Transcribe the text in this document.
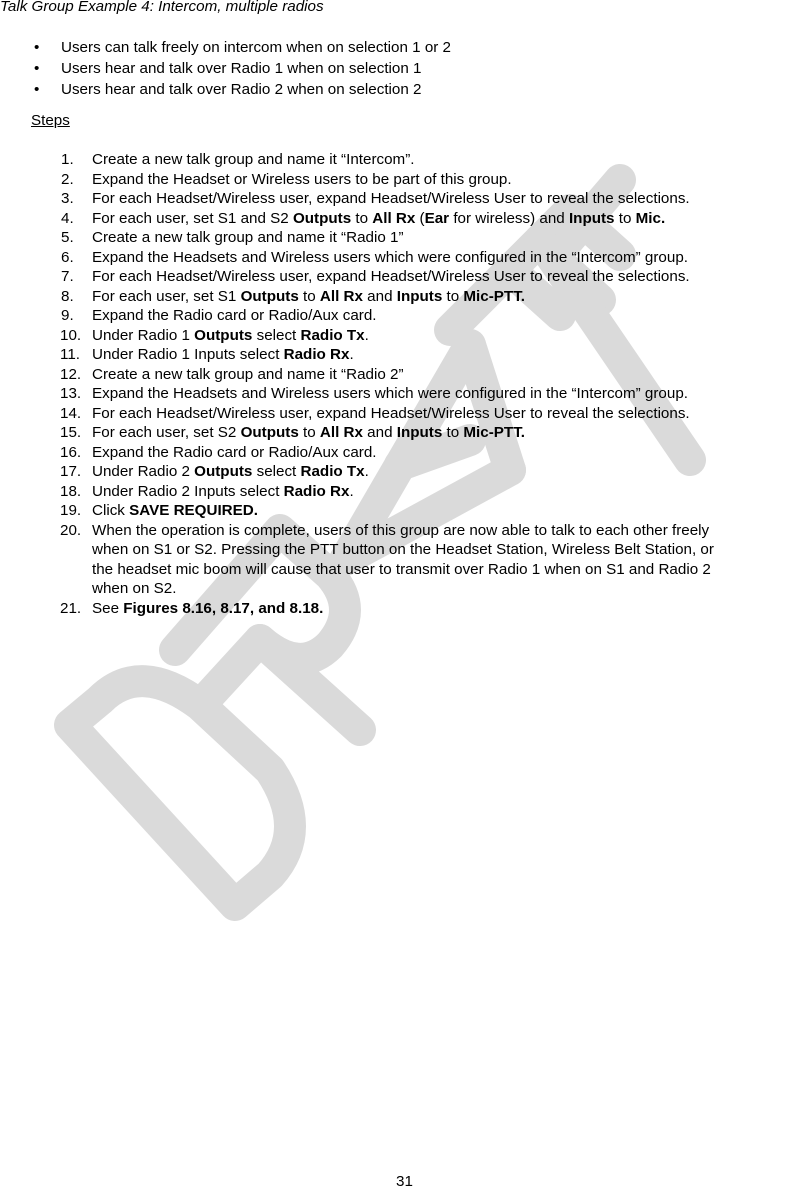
Talk Group Example 4: Intercom, multiple radios
• Users can talk freely on intercom when on selection 1 or 2
• Users hear and talk over Radio 1 when on selection 1
• Users hear and talk over Radio 2 when on selection 2
Steps
1. Create a new talk group and name it “Intercom”.
2. Expand the Headset or Wireless users to be part of this group.
3. For each Headset/Wireless user, expand Headset/Wireless User to reveal the selections.
4. For each user, set S1 and S2 Outputs to All Rx (Ear for wireless) and Inputs to Mic.
5. Create a new talk group and name it “Radio 1”
6. Expand the Headsets and Wireless users which were configured in the “Intercom” group.
7. For each Headset/Wireless user, expand Headset/Wireless User to reveal the selections.
8. For each user, set S1 Outputs to All Rx and Inputs to Mic-PTT.
9. Expand the Radio card or Radio/Aux card.
10. Under Radio 1 Outputs select Radio Tx.
11. Under Radio 1 Inputs select Radio Rx.
12. Create a new talk group and name it “Radio 2”
13. Expand the Headsets and Wireless users which were configured in the “Intercom” group.
14. For each Headset/Wireless user, expand Headset/Wireless User to reveal the selections.
15. For each user, set S2 Outputs to All Rx and Inputs to Mic-PTT.
16. Expand the Radio card or Radio/Aux card.
17. Under Radio 2 Outputs select Radio Tx.
18. Under Radio 2 Inputs select Radio Rx.
19. Click SAVE REQUIRED.
20. When the operation is complete, users of this group are now able to talk to each other freely
when on S1 or S2. Pressing the PTT button on the Headset Station, Wireless Belt Station, or
the headset mic boom will cause that user to transmit over Radio 1 when on S1 and Radio 2
when on S2.
21. See Figures 8.16, 8.17, and 8.18.
31
